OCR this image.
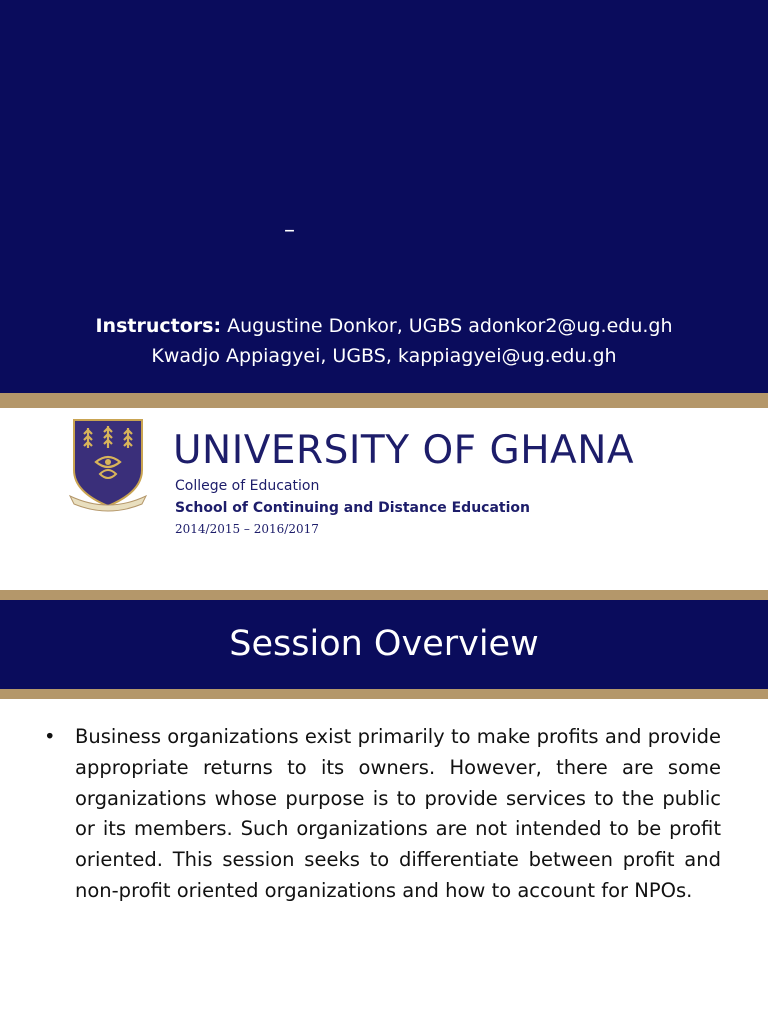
–
Instructors: Augustine Donkor, UGBS adonkor2@ug.edu.gh
Kwadjo Appiagyei, UGBS, kappiagyei@ug.edu.gh
UNIVERSITY OF GHANA
College of Education
School of Continuing and Distance Education
2014/2015 – 2016/2017
Session Overview
• Business organizations exist primarily to make profits and provide appropriate returns to its owners. However, there are some organizations whose purpose is to provide services to the public or its members. Such organizations are not intended to be profit oriented. This session seeks to differentiate between profit and non-profit oriented organizations and how to account for NPOs.
